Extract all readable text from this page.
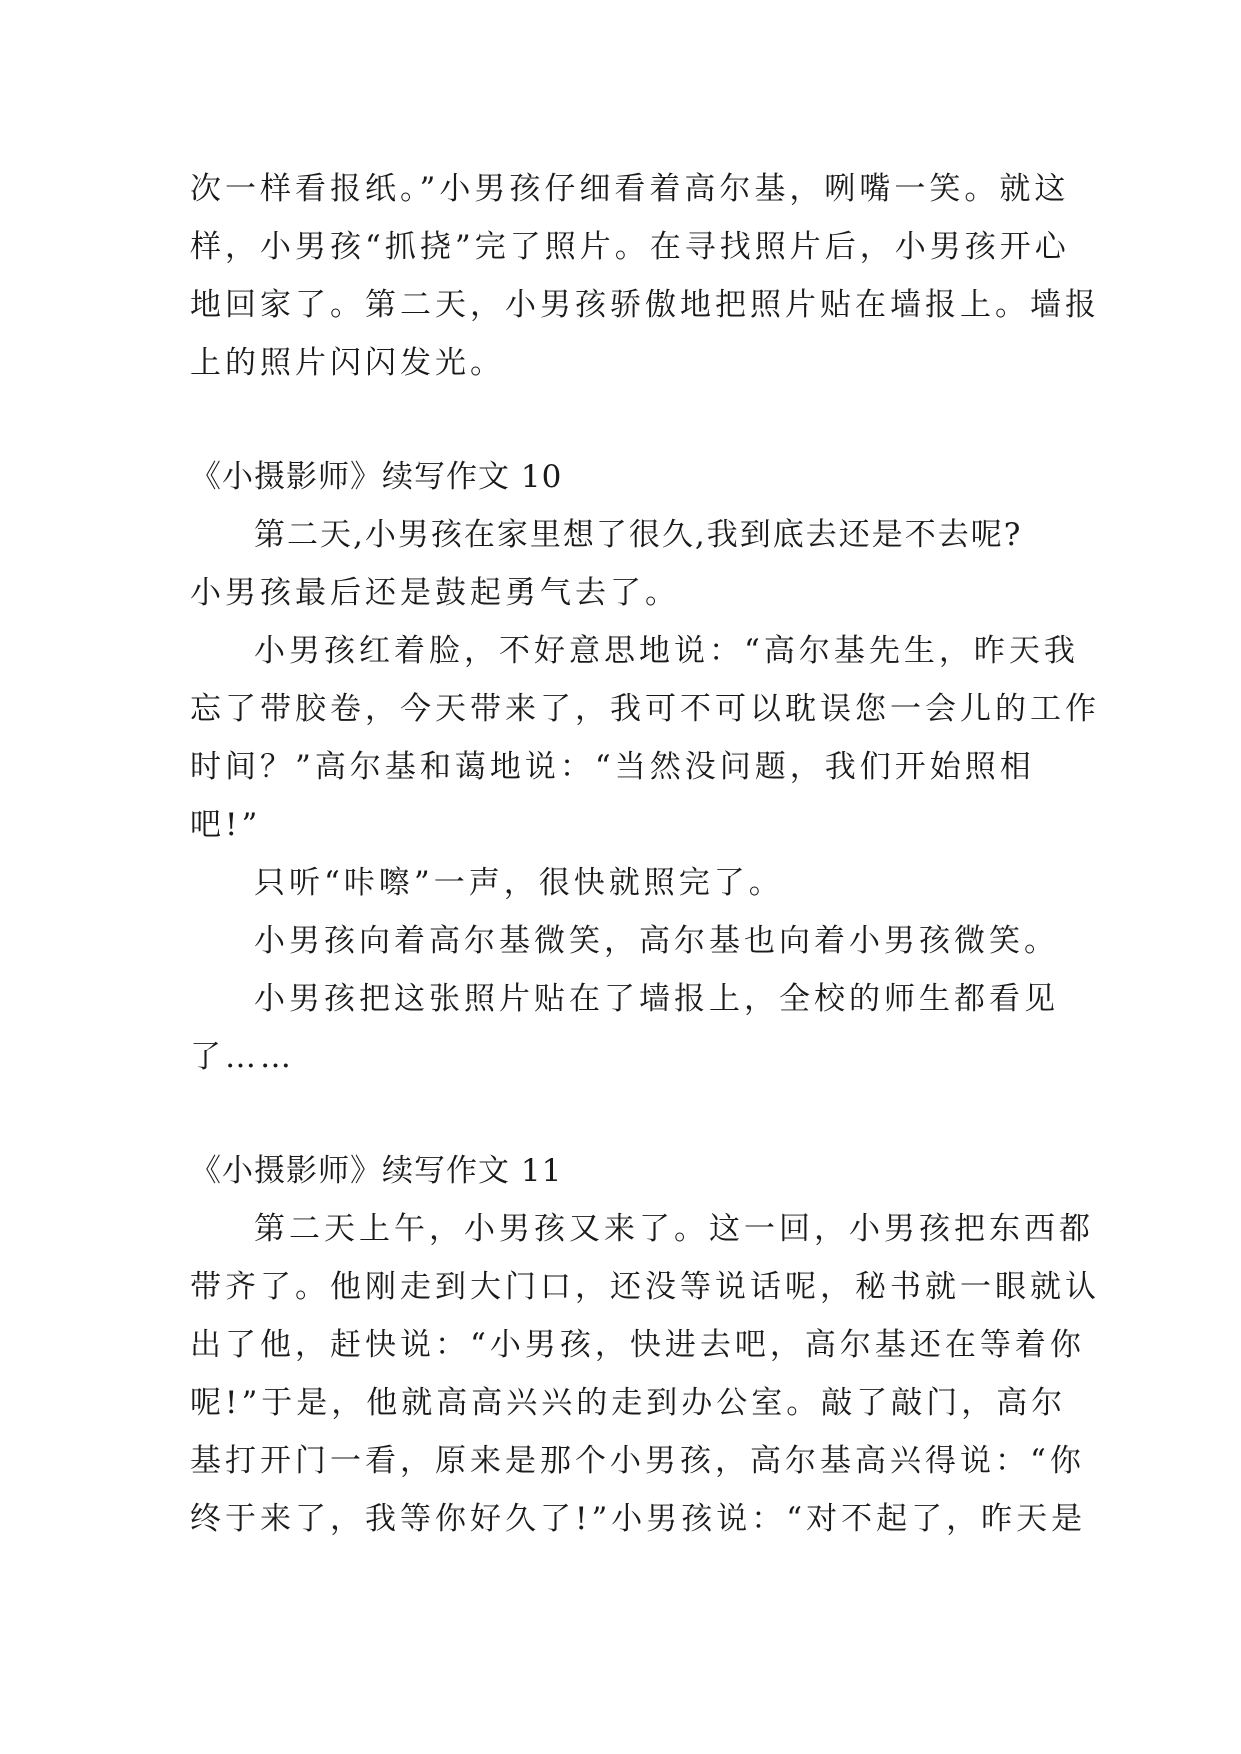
次一样看报纸。”小男孩仔细看着高尔基，咧嘴一笑。就这
样，小男孩“抓挠”完了照片。在寻找照片后，小男孩开心
地回家了。第二天，小男孩骄傲地把照片贴在墙报上。墙报
上的照片闪闪发光。
《小摄影师》续写作文 10
第二天,小男孩在家里想了很久,我到底去还是不去呢?
小男孩最后还是鼓起勇气去了。
小男孩红着脸，不好意思地说：“高尔基先生，昨天我
忘了带胶卷，今天带来了，我可不可以耽误您一会儿的工作
时间？”高尔基和蔼地说：“当然没问题，我们开始照相
吧!”
只听“咔嚓”一声，很快就照完了。
小男孩向着高尔基微笑，高尔基也向着小男孩微笑。
小男孩把这张照片贴在了墙报上，全校的师生都看见
了……
《小摄影师》续写作文 11
第二天上午，小男孩又来了。这一回，小男孩把东西都
带齐了。他刚走到大门口，还没等说话呢，秘书就一眼就认
出了他，赶快说：“小男孩，快进去吧，高尔基还在等着你
呢!”于是，他就高高兴兴的走到办公室。敲了敲门，高尔
基打开门一看，原来是那个小男孩，高尔基高兴得说：“你
终于来了，我等你好久了!”小男孩说：“对不起了，昨天是
